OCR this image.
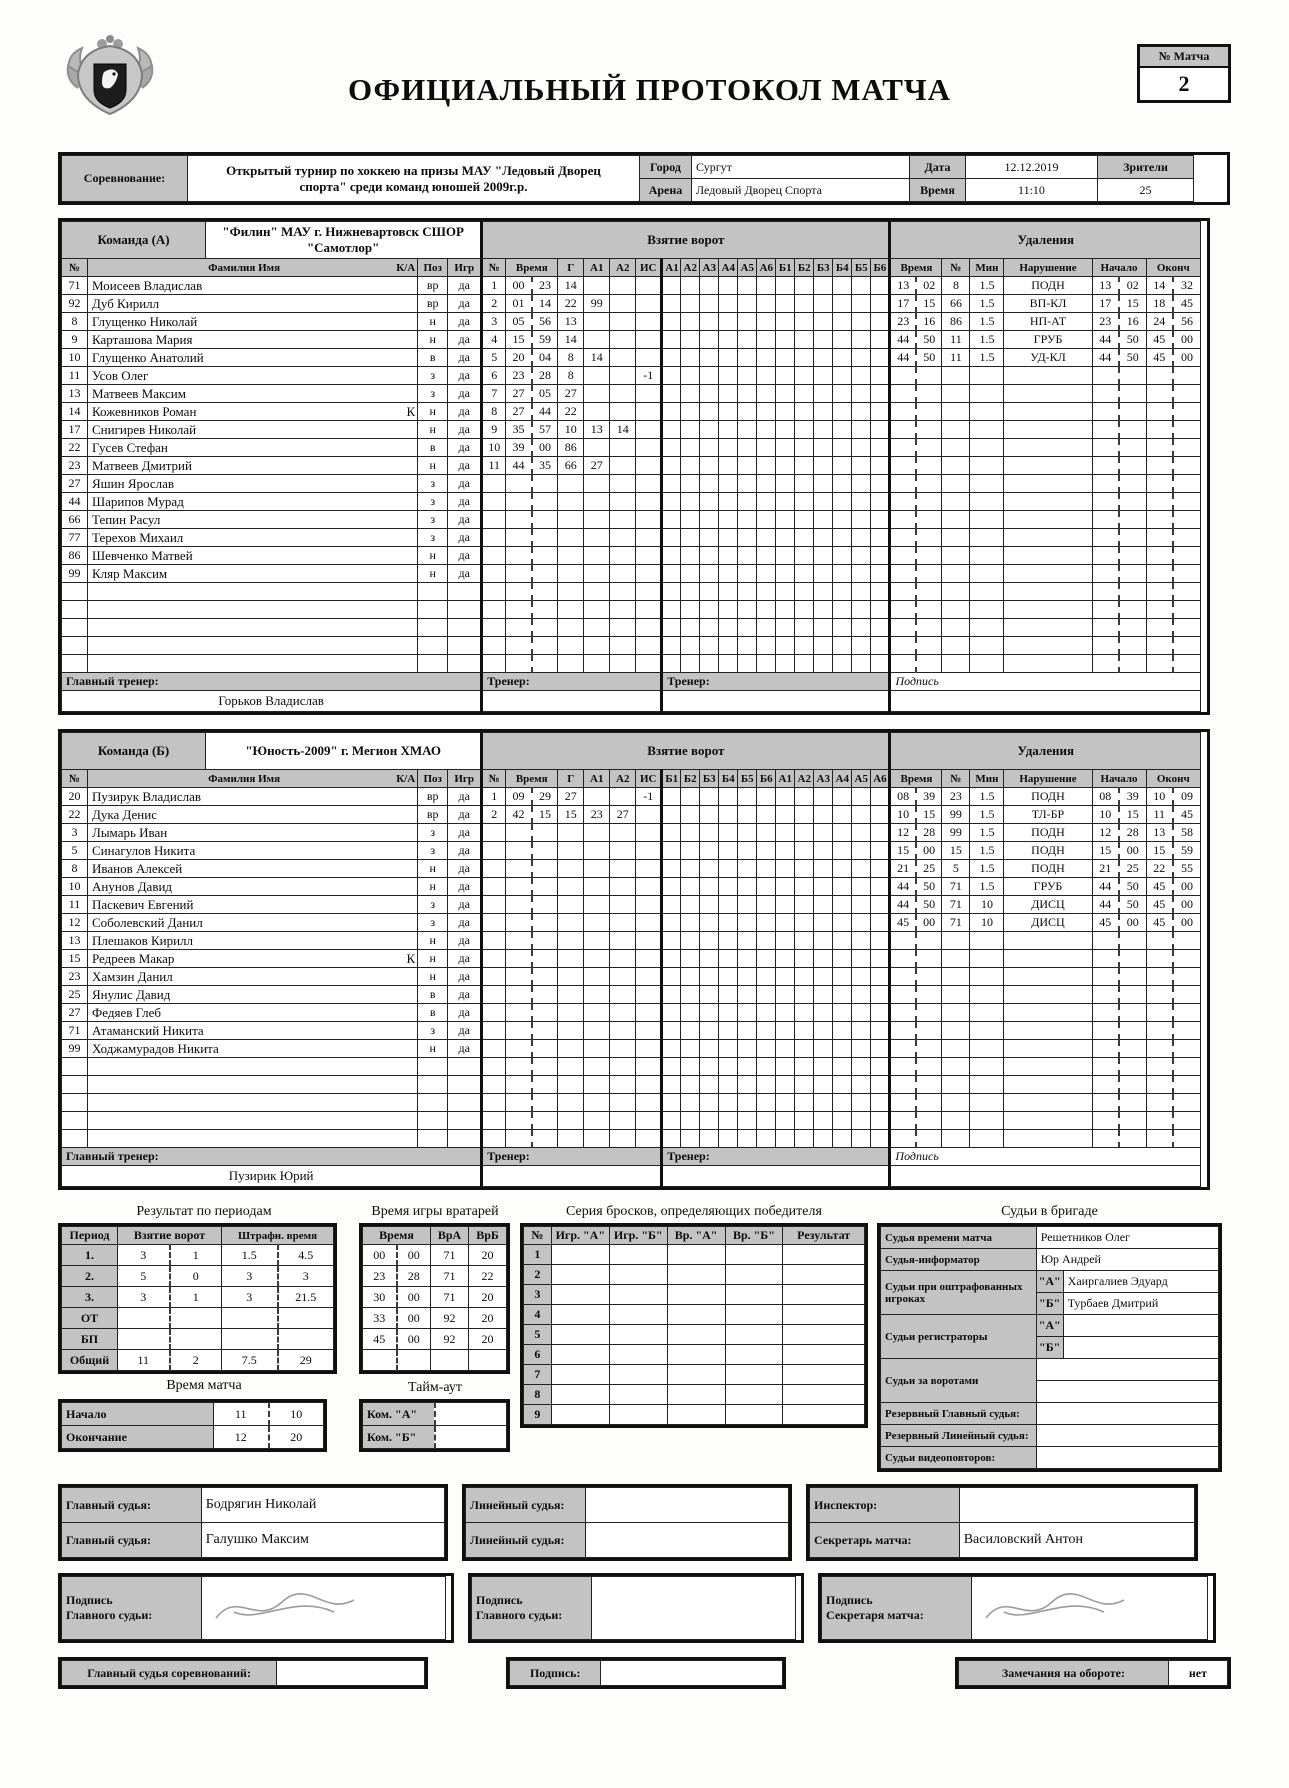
ОФИЦИАЛЬНЫЙ ПРОТОКОЛ МАТЧА
№ Матча
2
Соревнование:	Открытый турнир по хоккею на призы МАУ "Ледовый Дворец
спорта" среди команд юношей 2009г.р.	Город	Сургут	Дата	12.12.2019	Зрители
		Арена	Ледовый Дворец Спорта	Время	11:10	25
Команда (А)		"Филин" МАУ г. Нижневартовск СШОР
"Самотлор"			Взятие ворот																			Удаления								
№	Фамилия Имя К/А		Поз	Игр	№	Время		Г	А1	А2	ИС	А1	А2	А3	А4	А5	А6	Б1	Б2	Б3	Б4	Б5	Б6	Время		№	Мин	Нарушение	Начало		Оконч	
71	Моисеев Владислав		вр	да	1	00	23	14																13	02	8	1.5	ПОДН	13	02	14	32
92	Дуб Кирилл		вр	да	2	01	14	22	99															17	15	66	1.5	ВП-КЛ	17	15	18	45
8	Глущенко Николай		н	да	3	05	56	13																23	16	86	1.5	НП-АТ	23	16	24	56
9	Карташова Мария		н	да	4	15	59	14																44	50	11	1.5	ГРУБ	44	50	45	00
10	Глущенко Анатолий		в	да	5	20	04	8	14															44	50	11	1.5	УД-КЛ	44	50	45	00
11	Усов Олег		з	да	6	23	28	8			-1																					
13	Матвеев Максим		з	да	7	27	05	27																								
14	Кожевников Роман К		н	да	8	27	44	22																								
17	Снигирев Николай		н	да	9	35	57	10	13	14																						
22	Гусев Стефан		в	да	10	39	00	86																								
23	Матвеев Дмитрий		н	да	11	44	35	66	27																							
27	Яшин Ярослав		з	да																												
44	Шарипов Мурад		з	да																												
66	Тепин Расул		з	да																												
77	Терехов Михаил		з	да																												
86	Шевченко Матвей		н	да																												
99	Кляр Максим		н	да																												

Главный тренер:					Тренер:							Тренер:												Подпись								
Горьков Владислав																																
Команда (Б)		"Юность-2009" г. Мегион ХМАО			Взятие ворот																			Удаления								
№	Фамилия Имя К/А		Поз	Игр	№	Время		Г	А1	А2	ИС	Б1	Б2	Б3	Б4	Б5	Б6	А1	А2	А3	А4	А5	А6	Время		№	Мин	Нарушение	Начало		Оконч	
20	Пузирук Владислав		вр	да	1	09	29	27			-1													08	39	23	1.5	ПОДН	08	39	10	09
22	Дука Денис		вр	да	2	42	15	15	23	27														10	15	99	1.5	ТЛ-БР	10	15	11	45
3	Лымарь Иван		з	да																				12	28	99	1.5	ПОДН	12	28	13	58
5	Синагулов Никита		з	да																				15	00	15	1.5	ПОДН	15	00	15	59
8	Иванов Алексей		н	да																				21	25	5	1.5	ПОДН	21	25	22	55
10	Анунов Давид		н	да																				44	50	71	1.5	ГРУБ	44	50	45	00
11	Паскевич Евгений		з	да																				44	50	71	10	ДИСЦ	44	50	45	00
12	Соболевский Данил		з	да																				45	00	71	10	ДИСЦ	45	00	45	00
13	Плешаков Кирилл		н	да																												
15	Редреев Макар К		н	да																												
23	Хамзин Данил		н	да																												
25	Янулис Давид		в	да																												
27	Федяев Глеб		в	да																												
71	Атаманский Никита		з	да																												
99	Ходжамурадов Никита		н	да																												

Главный тренер:					Тренер:							Тренер:												Подпись								
Пузирик Юрий																																
Результат по периодам
Период	Взятие ворот		Штрафн. время	
1.	3	1	1.5	4.5
2.	5	0	3	3
3.	3	1	3	21.5
ОТ				
БП				
Общий	11	2	7.5	29
Время матча
Начало	11	10
Окончание	12	20
Время игры вратарей
Время		ВрА	ВрБ
00	00	71	20
23	28	71	22
30	00	71	20
33	00	92	20
45	00	92	20

Тайм-аут
Ком. "А"	
Ком. "Б"	
Серия бросков, определяющих победителя
№	Игр. "А"	Игр. "Б"	Вр. "А"	Вр. "Б"	Результат
1					
2					
3					
4					
5					
6					
7					
8					
9					
Судьи в бригаде
Судья времени матча	Решетников Олег	
Судья-информатор	Юр Андрей	
Судьи при оштрафованных игроках	"А"	Хаиргалиев Эдуард
	"Б"	Турбаев Дмитрий
Судьи регистраторы	"А"	
	"Б"	
Судьи за воротами		

Резервный Главный судья:		
Резервный Линейный судья:		
Судьи видеоповторов:		
Главный судья:	Бодрягин Николай
Главный судья:	Галушко Максим
Линейный судья:	
Линейный судья:	
Инспектор:	
Секретарь матча:	Василовский Антон
Подпись
Главного судьи:	
Подпись
Главного судьи:	
Подпись
Секретаря матча:	
Главный судья соревнований:		Подпись:		Замечания на обороте:	нет
